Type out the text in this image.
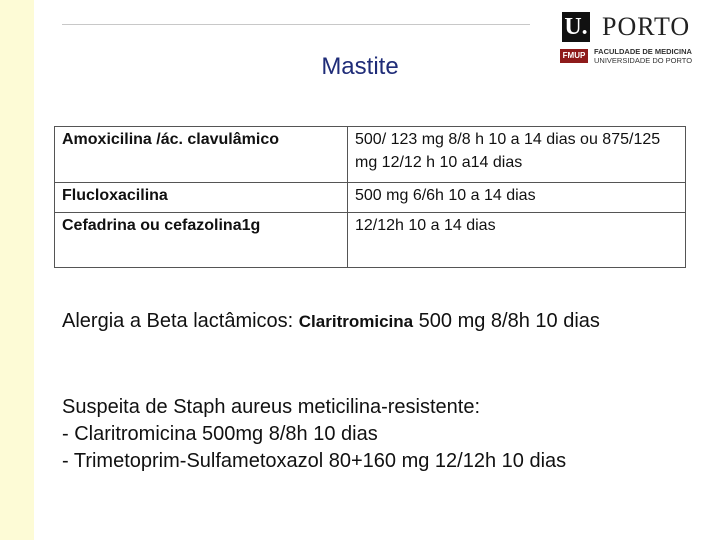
U. PORTO
FMUP	FACULDADE DE MEDICINA
UNIVERSIDADE DO PORTO
Mastite
Amoxicilina /ác. clavulâmico	500/ 123 mg 8/8 h 10 a 14 dias ou 875/125 mg 12/12 h 10 a14 dias
Flucloxacilina	500 mg 6/6h 10 a 14 dias
Cefadrina ou cefazolina1g	12/12h 10 a 14 dias
Alergia a Beta lactâmicos: Claritromicina 500 mg 8/8h 10 dias
Suspeita de Staph aureus meticilina-resistente:
- Claritromicina 500mg 8/8h 10 dias
- Trimetoprim-Sulfametoxazol 80+160 mg 12/12h 10 dias
